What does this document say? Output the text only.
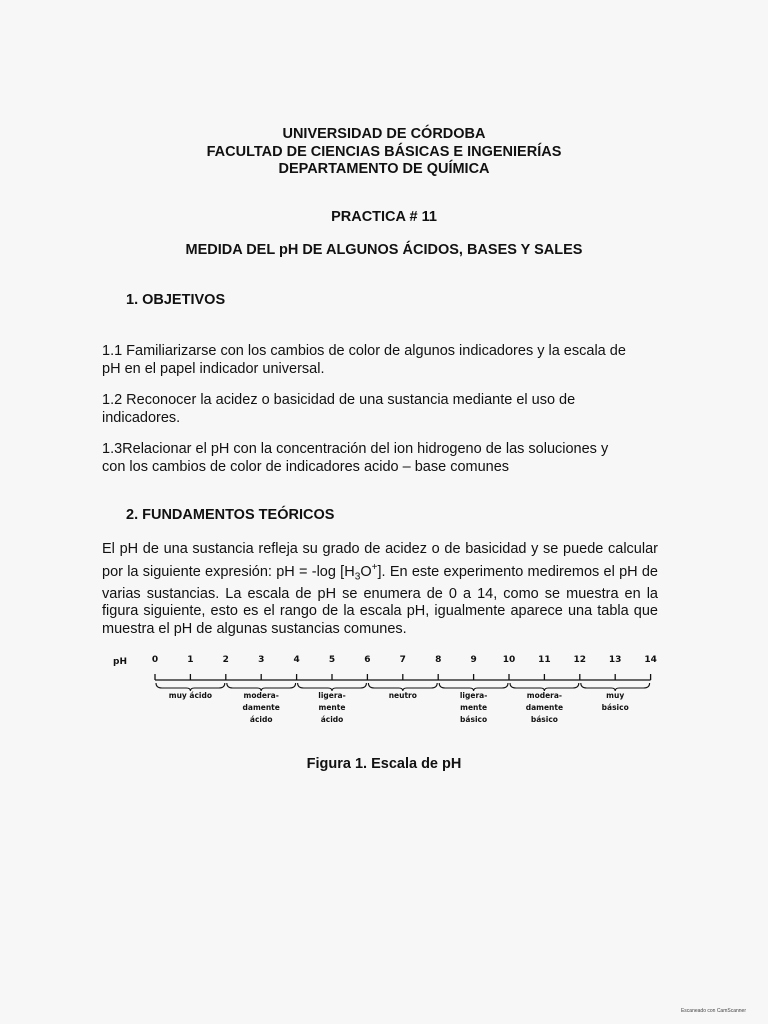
UNIVERSIDAD DE CÓRDOBA
FACULTAD DE CIENCIAS BÁSICAS E INGENIERÍAS
DEPARTAMENTO DE QUÍMICA
PRACTICA # 11
MEDIDA DEL pH DE ALGUNOS ÁCIDOS, BASES Y SALES
1. OBJETIVOS
1.1 Familiarizarse con los cambios de color de algunos indicadores y la escala de
pH en el papel indicador universal.
1.2 Reconocer la acidez o basicidad de una sustancia mediante el uso de
indicadores.
1.3Relacionar el pH con la concentración del ion hidrogeno de las soluciones y
con los cambios de color de indicadores acido – base comunes
2. FUNDAMENTOS TEÓRICOS
El pH de una sustancia refleja su grado de acidez o de basicidad y se puede calcular por la siguiente expresión: pH = -log $[H_3O^+]$. En este experimento mediremos el pH de varias sustancias. La escala de pH se enumera de 0 a 14, como se muestra en la figura siguiente, esto es el rango de la escala pH, igualmente aparece una tabla que muestra el pH de algunas sustancias comunes.
pH	0	1	2	3	4	5	6	7	8	9	10	11	12	13	14
muy ácido	modera-
damente
ácido
ligera-
mente
ácido
neutro	ligera-
mente
básico
modera-
damente
básico
muy
básico
Figura 1. Escala de pH
Escaneado con CamScanner
